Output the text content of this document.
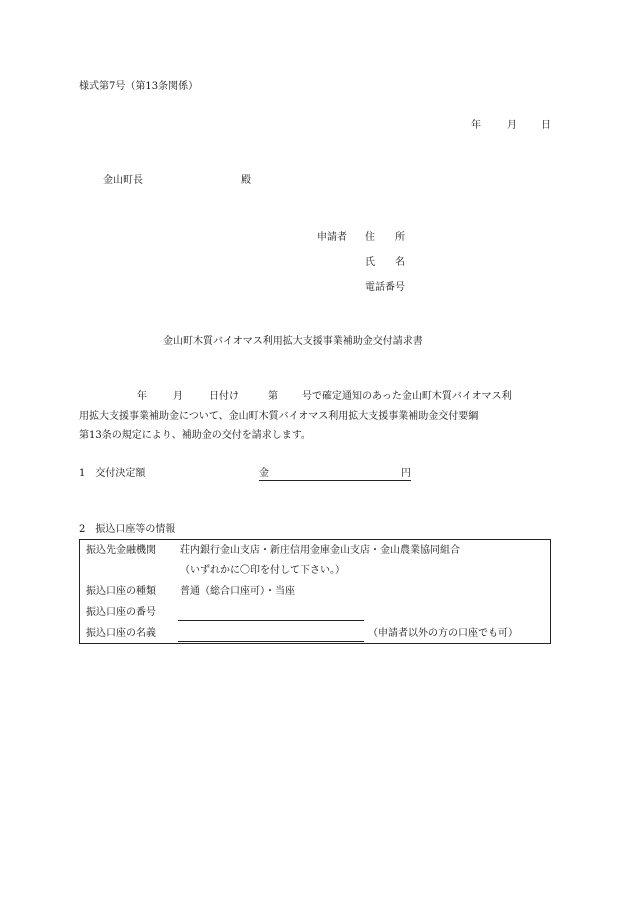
様式第7号（第13条関係）
年	月 日
金山町長	殿
申請者 住　　所
氏　　名
電話番号
金山町木質バイオマス利用拡大支援事業補助金交付請求書
年	月	日付け	第 号で確定通知のあった金山町木質バイオマス利
用拡大支援事業補助金について、金山町木質バイオマス利用拡大支援事業補助金交付要綱
第13条の規定により、補助金の交付を請求します。
1　交付決定額	金	円
2　振込口座等の情報
振込先金融機関 荘内銀行金山支店・新庄信用金庫金山支店・金山農業協同組合
（いずれかに〇印を付して下さい。）
振込口座の種類 普通（総合口座可）・当座
振込口座の番号
振込口座の名義	（申請者以外の方の口座でも可）
